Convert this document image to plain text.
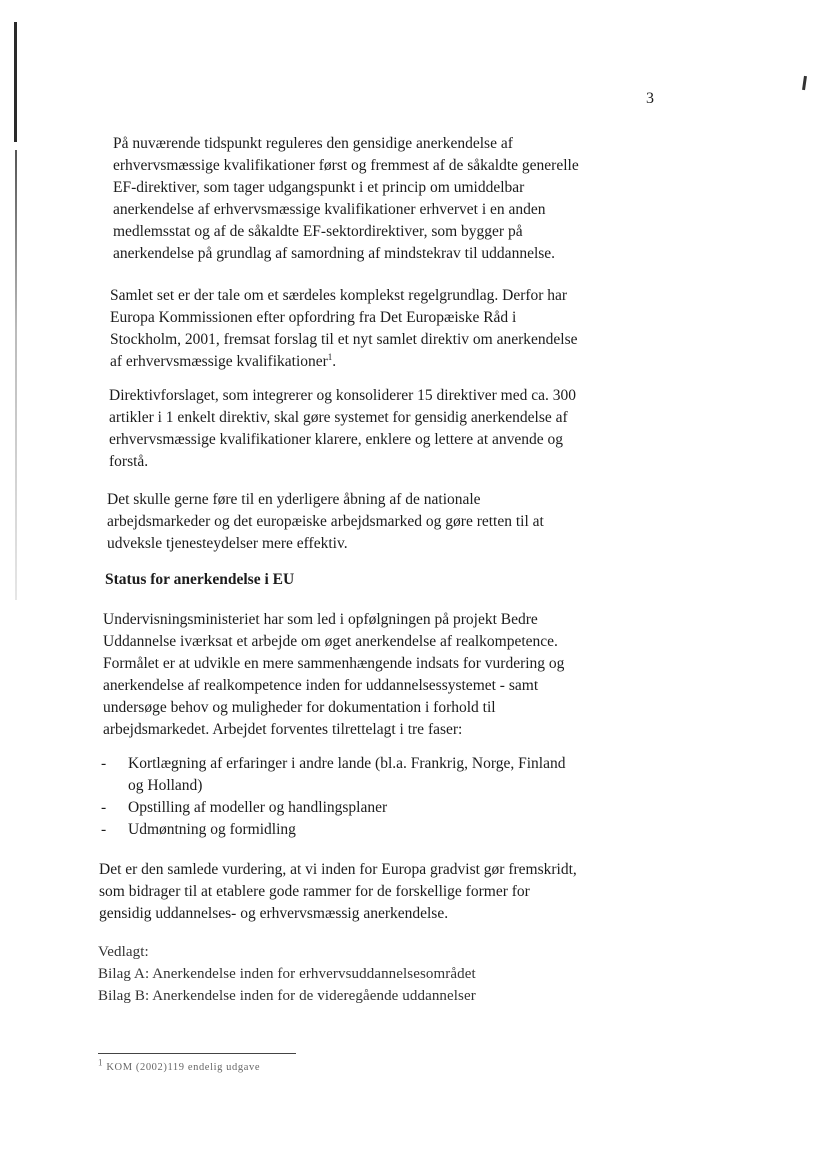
3

På nuværende tidspunkt reguleres den gensidige anerkendelse af erhvervsmæssige kvalifikationer først og fremmest af de såkaldte generelle EF-direktiver, som tager udgangspunkt i et princip om umiddelbar anerkendelse af erhvervsmæssige kvalifikationer erhvervet i en anden medlemsstat og af de såkaldte EF-sektordirektiver, som bygger på anerkendelse på grundlag af samordning af mindstekrav til uddannelse.

Samlet set er der tale om et særdeles komplekst regelgrundlag. Derfor har Europa Kommissionen efter opfordring fra Det Europæiske Råd i Stockholm, 2001, fremsat forslag til et nyt samlet direktiv om anerkendelse af erhvervsmæssige kvalifikationer$^1$.

Direktivforslaget, som integrerer og konsoliderer 15 direktiver med ca. 300 artikler i 1 enkelt direktiv, skal gøre systemet for gensidig anerkendelse af erhvervsmæssige kvalifikationer klarere, enklere og lettere at anvende og forstå.

Det skulle gerne føre til en yderligere åbning af de nationale arbejdsmarkeder og det europæiske arbejdsmarked og gøre retten til at udveksle tjenesteydelser mere effektiv.

Status for anerkendelse i EU

Undervisningsministeriet har som led i opfølgningen på projekt Bedre Uddannelse iværksat et arbejde om øget anerkendelse af realkompetence. Formålet er at udvikle en mere sammenhængende indsats for vurdering og anerkendelse af realkompetence inden for uddannelsessystemet - samt undersøge behov og muligheder for dokumentation i forhold til arbejdsmarkedet. Arbejdet forventes tilrettelagt i tre faser:

- Kortlægning af erfaringer i andre lande (bl.a. Frankrig, Norge, Finland og Holland)
- Opstilling af modeller og handlingsplaner
- Udmøntning og formidling

Det er den samlede vurdering, at vi inden for Europa gradvist gør fremskridt, som bidrager til at etablere gode rammer for de forskellige former for gensidig uddannelses- og erhvervsmæssig anerkendelse.

Vedlagt:
Bilag A: Anerkendelse inden for erhvervsuddannelsesområdet
Bilag B: Anerkendelse inden for de videregående uddannelser
$^1$ KOM (2002)119 endelig udgave
